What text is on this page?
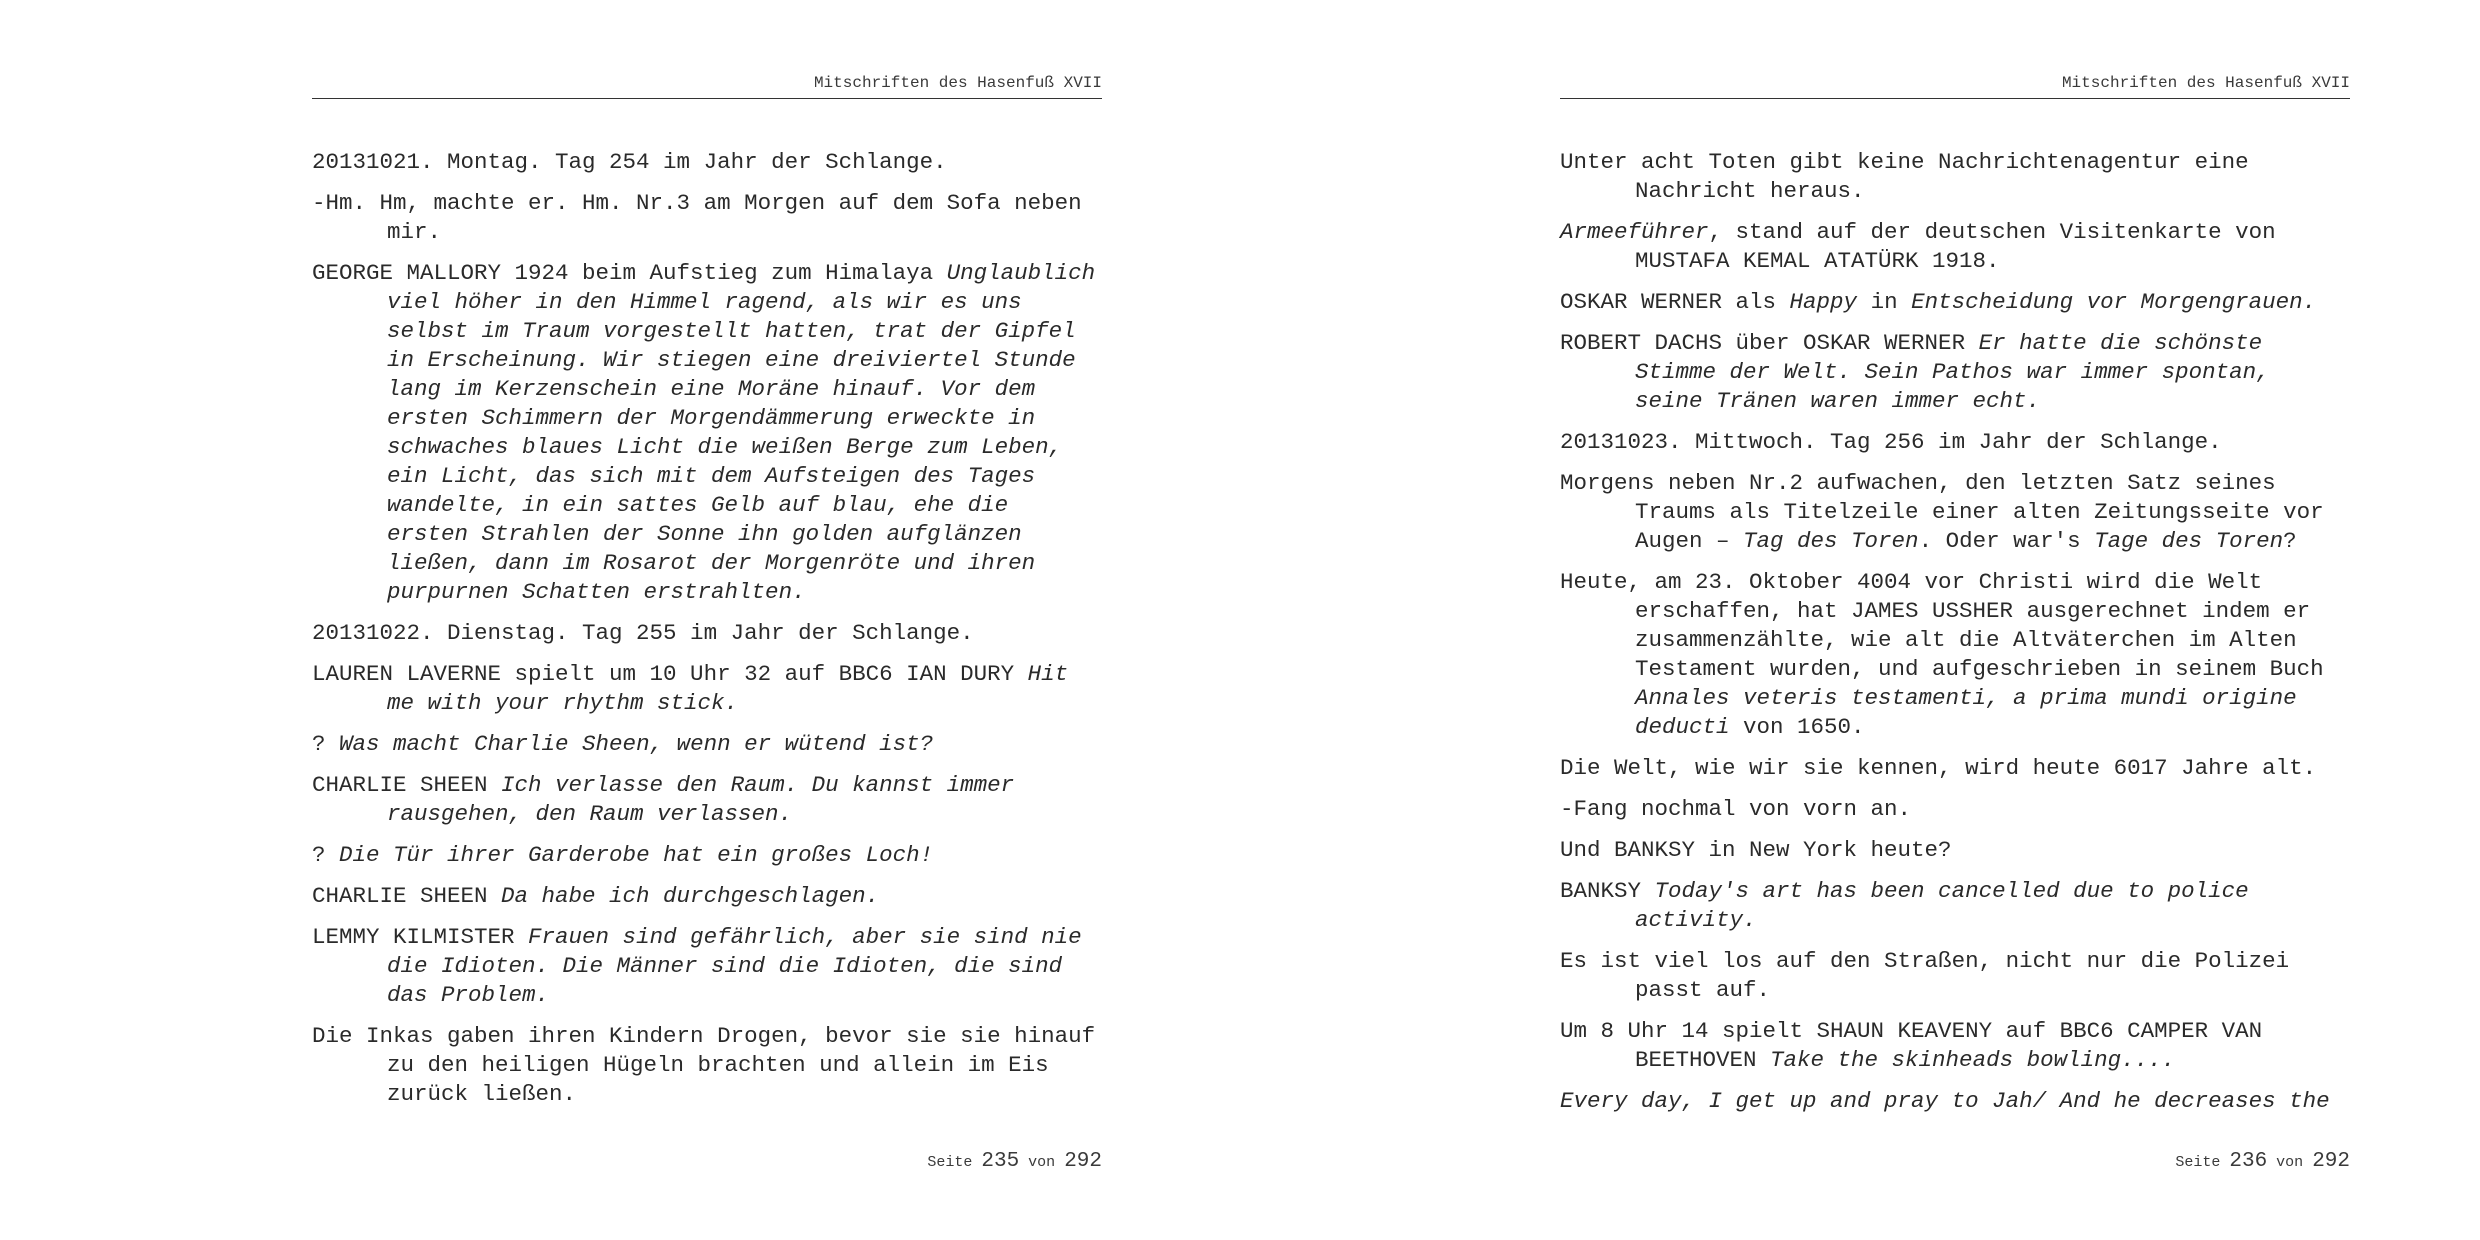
Mitschriften des Hasenfuß XVII

20131021. Montag. Tag 254 im Jahr der Schlange.

-Hm. Hm, machte er. Hm. Nr.3 am Morgen auf dem Sofa neben mir.

GEORGE MALLORY 1924 beim Aufstieg zum Himalaya Unglaublich viel höher in den Himmel ragend, als wir es uns selbst im Traum vorgestellt hatten, trat der Gipfel in Erscheinung. Wir stiegen eine dreiviertel Stunde lang im Kerzenschein eine Moräne hinauf. Vor dem ersten Schimmern der Morgendämmerung erweckte in schwaches blaues Licht die weißen Berge zum Leben, ein Licht, das sich mit dem Aufsteigen des Tages wandelte, in ein sattes Gelb auf blau, ehe die ersten Strahlen der Sonne ihn golden aufglänzen ließen, dann im Rosarot der Morgenröte und ihren purpurnen Schatten erstrahlten.

20131022. Dienstag. Tag 255 im Jahr der Schlange.

LAUREN LAVERNE spielt um 10 Uhr 32 auf BBC6 IAN DURY Hit me with your rhythm stick.

? Was macht Charlie Sheen, wenn er wütend ist?

CHARLIE SHEEN Ich verlasse den Raum. Du kannst immer rausgehen, den Raum verlassen.

? Die Tür ihrer Garderobe hat ein großes Loch!

CHARLIE SHEEN Da habe ich durchgeschlagen.

LEMMY KILMISTER Frauen sind gefährlich, aber sie sind nie die Idioten. Die Männer sind die Idioten, die sind das Problem.

Die Inkas gaben ihren Kindern Drogen, bevor sie sie hinauf zu den heiligen Hügeln brachten und allein im Eis zurück ließen.

Seite 235 von 292
Mitschriften des Hasenfuß XVII

Unter acht Toten gibt keine Nachrichtenagentur eine Nachricht heraus.

Armeeführer, stand auf der deutschen Visitenkarte von MUSTAFA KEMAL ATATÜRK 1918.

OSKAR WERNER als Happy in Entscheidung vor Morgengrauen.

ROBERT DACHS über OSKAR WERNER Er hatte die schönste Stimme der Welt. Sein Pathos war immer spontan, seine Tränen waren immer echt.

20131023. Mittwoch. Tag 256 im Jahr der Schlange.

Morgens neben Nr.2 aufwachen, den letzten Satz seines Traums als Titelzeile einer alten Zeitungsseite vor Augen – Tag des Toren. Oder war's Tage des Toren?

Heute, am 23. Oktober 4004 vor Christi wird die Welt erschaffen, hat JAMES USSHER ausgerechnet indem er zusammenzählte, wie alt die Altväterchen im Alten Testament wurden, und aufgeschrieben in seinem Buch Annales veteris testamenti, a prima mundi origine deducti von 1650.

Die Welt, wie wir sie kennen, wird heute 6017 Jahre alt.

-Fang nochmal von vorn an.

Und BANKSY in New York heute?

BANKSY Today's art has been cancelled due to police activity.

Es ist viel los auf den Straßen, nicht nur die Polizei passt auf.

Um 8 Uhr 14 spielt SHAUN KEAVENY auf BBC6 CAMPER VAN BEETHOVEN Take the skinheads bowling....

Every day, I get up and pray to Jah/ And he decreases the

Seite 236 von 292
